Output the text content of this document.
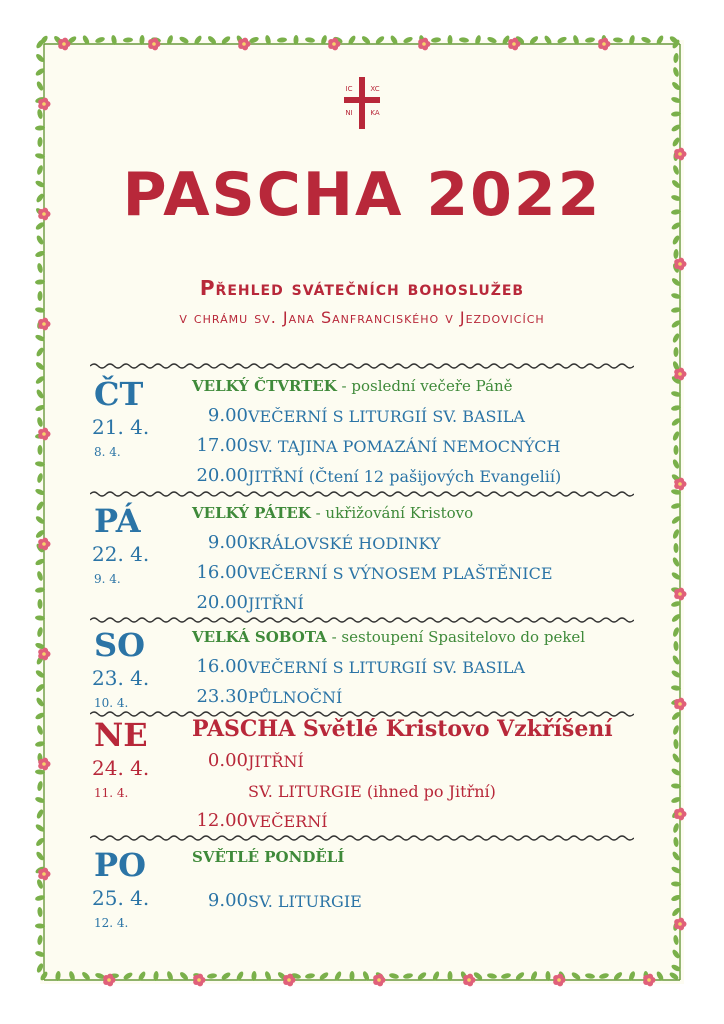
IC	XC
NI	KA
PASCHA 2022
Přehled svátečních bohoslužeb
v chrámu sv. Jana Sanfranciského v Jezdovicích
ČT
21. 4.
8. 4.
VELKÝ ČTVRTEK - poslední večeře Páně
9.00 VEČERNÍ S LITURGIÍ SV. BASILA
17.00 SV. TAJINA POMAZÁNÍ NEMOCNÝCH
20.00 JITŘNÍ (Čtení 12 pašijových Evangelií)
PÁ
22. 4.
9. 4.
VELKÝ PÁTEK - ukřižování Kristovo
9.00 KRÁLOVSKÉ HODINKY
16.00 VEČERNÍ S VÝNOSEM PLAŠTĚNICE
20.00 JITŘNÍ
SO
23. 4.
10. 4.
VELKÁ SOBOTA - sestoupení Spasitelovo do pekel
16.00 VEČERNÍ S LITURGIÍ SV. BASILA
23.30 PŮLNOČNÍ
NE
24. 4.
11. 4.
PASCHA Světlé Kristovo Vzkříšení
0.00 JITŘNÍ
SV. LITURGIE (ihned po Jitřní)
12.00 VEČERNÍ
PO
25. 4.
12. 4.
SVĚTLÉ PONDĚLÍ
9.00 SV. LITURGIE
